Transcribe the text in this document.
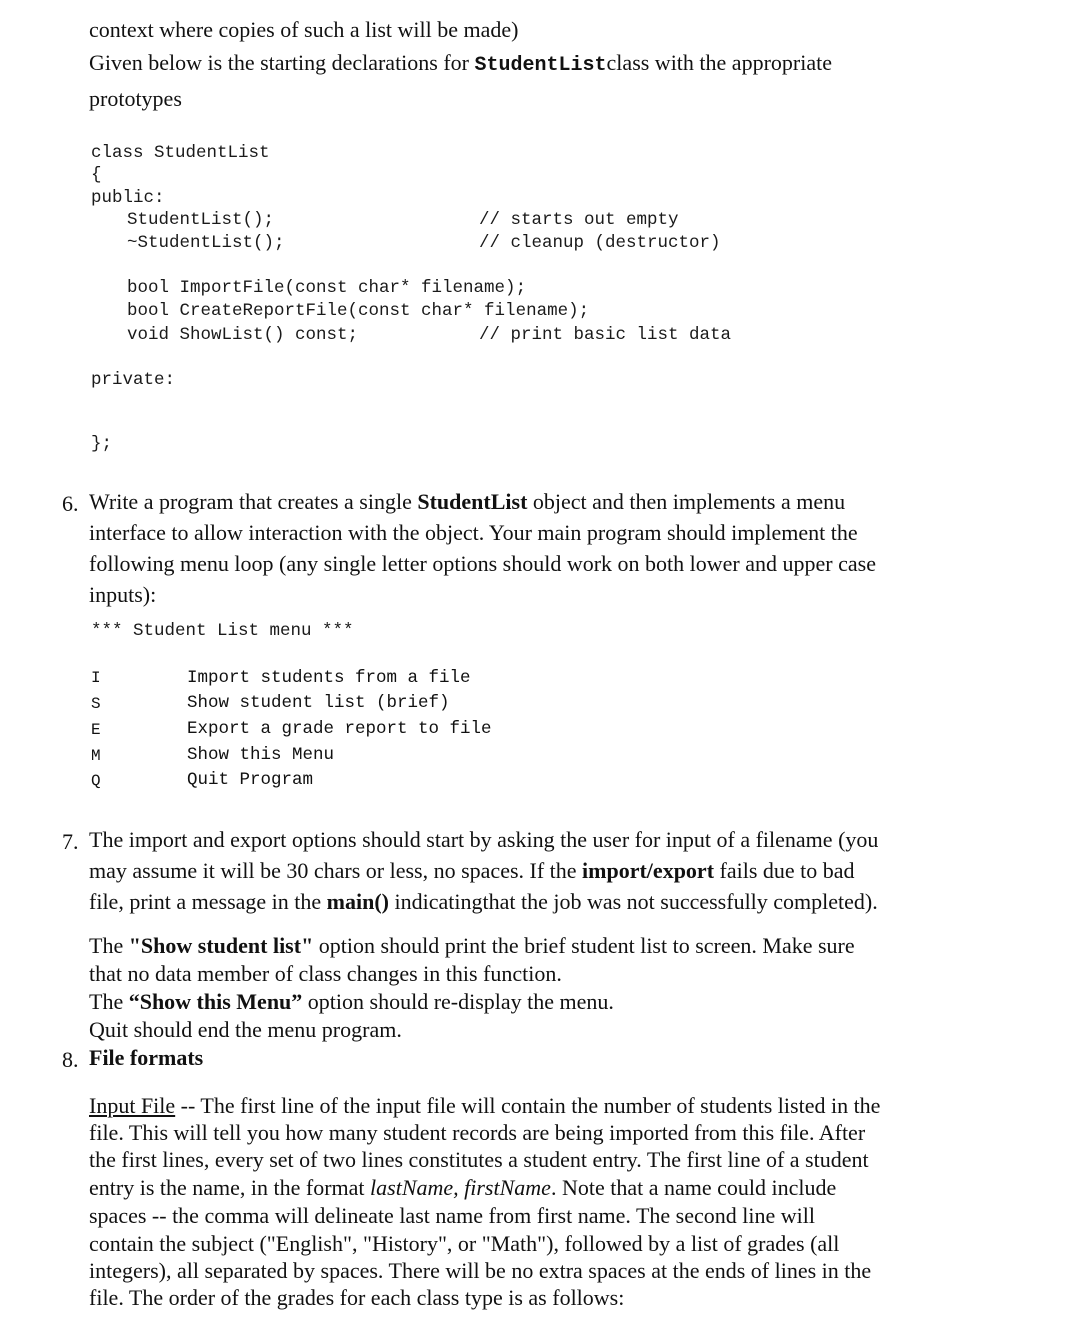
context where copies of such a list will be made)
Given below is the starting declarations for StudentListclass with the appropriate
prototypes
class StudentList
{
public:
StudentList();	// starts out empty
~StudentList();	// cleanup (destructor)
bool ImportFile(const char* filename);
bool CreateReportFile(const char* filename);
void ShowList() const;	// print basic list data
private:
};
6. Write a program that creates a single StudentList object and then implements a menu
interface to allow interaction with the object. Your main program should implement the
following menu loop (any single letter options should work on both lower and upper case
inputs):
*** Student List menu ***
I	Import students from a file
S	Show student list (brief)
E	Export a grade report to file
M	Show this Menu
Q	Quit Program
7. The import and export options should start by asking the user for input of a filename (you
may assume it will be 30 chars or less, no spaces. If the import/export fails due to bad
file, print a message in the main() indicatingthat the job was not successfully completed).
The "Show student list" option should print the brief student list to screen. Make sure
that no data member of class changes in this function.
The “Show this Menu” option should re-display the menu.
Quit should end the menu program.
8. File formats
Input File -- The first line of the input file will contain the number of students listed in the
file. This will tell you how many student records are being imported from this file. After
the first lines, every set of two lines constitutes a student entry. The first line of a student
entry is the name, in the format lastName, firstName. Note that a name could include
spaces -- the comma will delineate last name from first name. The second line will
contain the subject ("English", "History", or "Math"), followed by a list of grades (all
integers), all separated by spaces. There will be no extra spaces at the ends of lines in the
file. The order of the grades for each class type is as follows:
